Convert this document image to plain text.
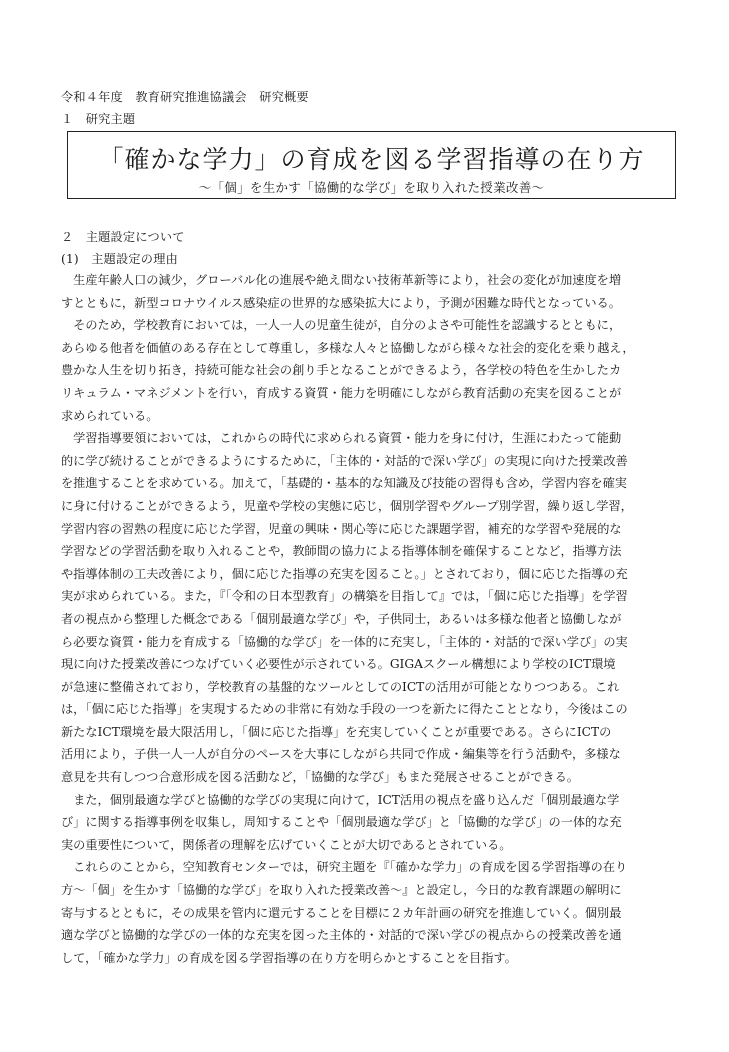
令和４年度　教育研究推進協議会　研究概要
１　研究主題
「確かな学力」の育成を図る学習指導の在り方
～「個」を生かす「協働的な学び」を取り入れた授業改善～
２　主題設定について
(1)　主題設定の理由
　生産年齢人口の減少，グローバル化の進展や絶え間ない技術革新等により，社会の変化が加速度を増
すとともに，新型コロナウイルス感染症の世界的な感染拡大により，予測が困難な時代となっている。
　そのため，学校教育においては，一人一人の児童生徒が，自分のよさや可能性を認識するとともに，
あらゆる他者を価値のある存在として尊重し，多様な人々と協働しながら様々な社会的変化を乗り越え，
豊かな人生を切り拓き，持続可能な社会の創り手となることができるよう，各学校の特色を生かしたカ
リキュラム・マネジメントを行い，育成する資質・能力を明確にしながら教育活動の充実を図ることが
求められている。
　学習指導要領においては，これからの時代に求められる資質・能力を身に付け，生涯にわたって能動
的に学び続けることができるようにするために，「主体的・対話的で深い学び」の実現に向けた授業改善
を推進することを求めている。加えて，「基礎的・基本的な知識及び技能の習得も含め，学習内容を確実
に身に付けることができるよう，児童や学校の実態に応じ，個別学習やグループ別学習，繰り返し学習，
学習内容の習熟の程度に応じた学習，児童の興味・関心等に応じた課題学習，補充的な学習や発展的な
学習などの学習活動を取り入れることや，教師間の協力による指導体制を確保することなど，指導方法
や指導体制の工夫改善により，個に応じた指導の充実を図ること。」とされており，個に応じた指導の充
実が求められている。また，『「令和の日本型教育」の構築を目指して』では，「個に応じた指導」を学習
者の視点から整理した概念である「個別最適な学び」や，子供同士，あるいは多様な他者と協働しなが
ら必要な資質・能力を育成する「協働的な学び」を一体的に充実し，「主体的・対話的で深い学び」の実
現に向けた授業改善につなげていく必要性が示されている。GIGAスクール構想により学校のICT環境
が急速に整備されており，学校教育の基盤的なツールとしてのICTの活用が可能となりつつある。これ
は，「個に応じた指導」を実現するための非常に有効な手段の一つを新たに得たこととなり，今後はこの
新たなICT環境を最大限活用し，「個に応じた指導」を充実していくことが重要である。さらにICTの
活用により，子供一人一人が自分のペースを大事にしながら共同で作成・編集等を行う活動や，多様な
意見を共有しつつ合意形成を図る活動など，「協働的な学び」もまた発展させることができる。
　また，個別最適な学びと協働的な学びの実現に向けて，ICT活用の視点を盛り込んだ「個別最適な学
び」に関する指導事例を収集し，周知することや「個別最適な学び」と「協働的な学び」の一体的な充
実の重要性について，関係者の理解を広げていくことが大切であるとされている。
　これらのことから，空知教育センターでは，研究主題を『「確かな学力」の育成を図る学習指導の在り
方～「個」を生かす「協働的な学び」を取り入れた授業改善～』と設定し，今日的な教育課題の解明に
寄与するとともに，その成果を管内に還元することを目標に２カ年計画の研究を推進していく。個別最
適な学びと協働的な学びの一体的な充実を図った主体的・対話的で深い学びの視点からの授業改善を通
して，「確かな学力」の育成を図る学習指導の在り方を明らかとすることを目指す。
